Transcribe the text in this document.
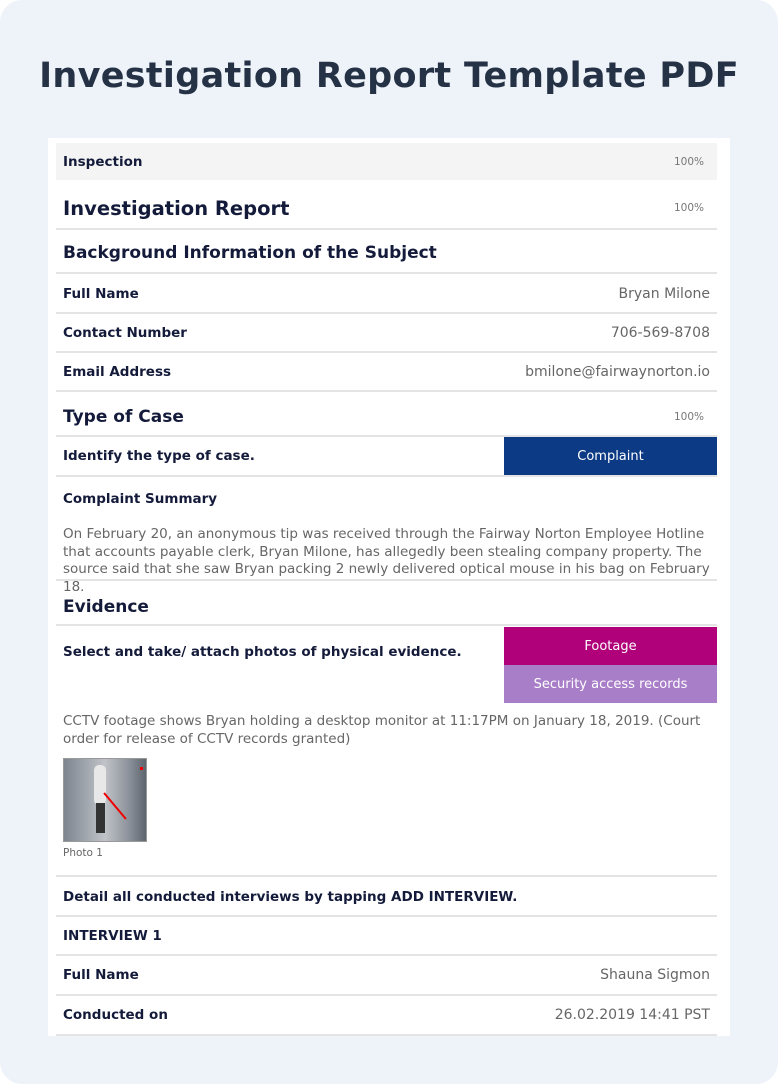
Investigation Report Template PDF
Inspection	100%
Investigation Report	100%
Background Information of the Subject
Full Name	Bryan Milone
Contact Number	706-569-8708
Email Address	bmilone@fairwaynorton.io
Type of Case	100%
Identify the type of case.	Complaint
Complaint Summary
On February 20, an anonymous tip was received through the Fairway Norton Employee Hotline that accounts payable clerk, Bryan Milone, has allegedly been stealing company property. The source said that she saw Bryan packing 2 newly delivered optical mouse in his bag on February 18.
Evidence
Select and take/ attach photos of physical evidence.	Footage
Security access records
CCTV footage shows Bryan holding a desktop monitor at 11:17PM on January 18, 2019. (Court order for release of CCTV records granted)
Photo 1
Detail all conducted interviews by tapping ADD INTERVIEW.
INTERVIEW 1
Full Name	Shauna Sigmon
Conducted on	26.02.2019 14:41 PST
